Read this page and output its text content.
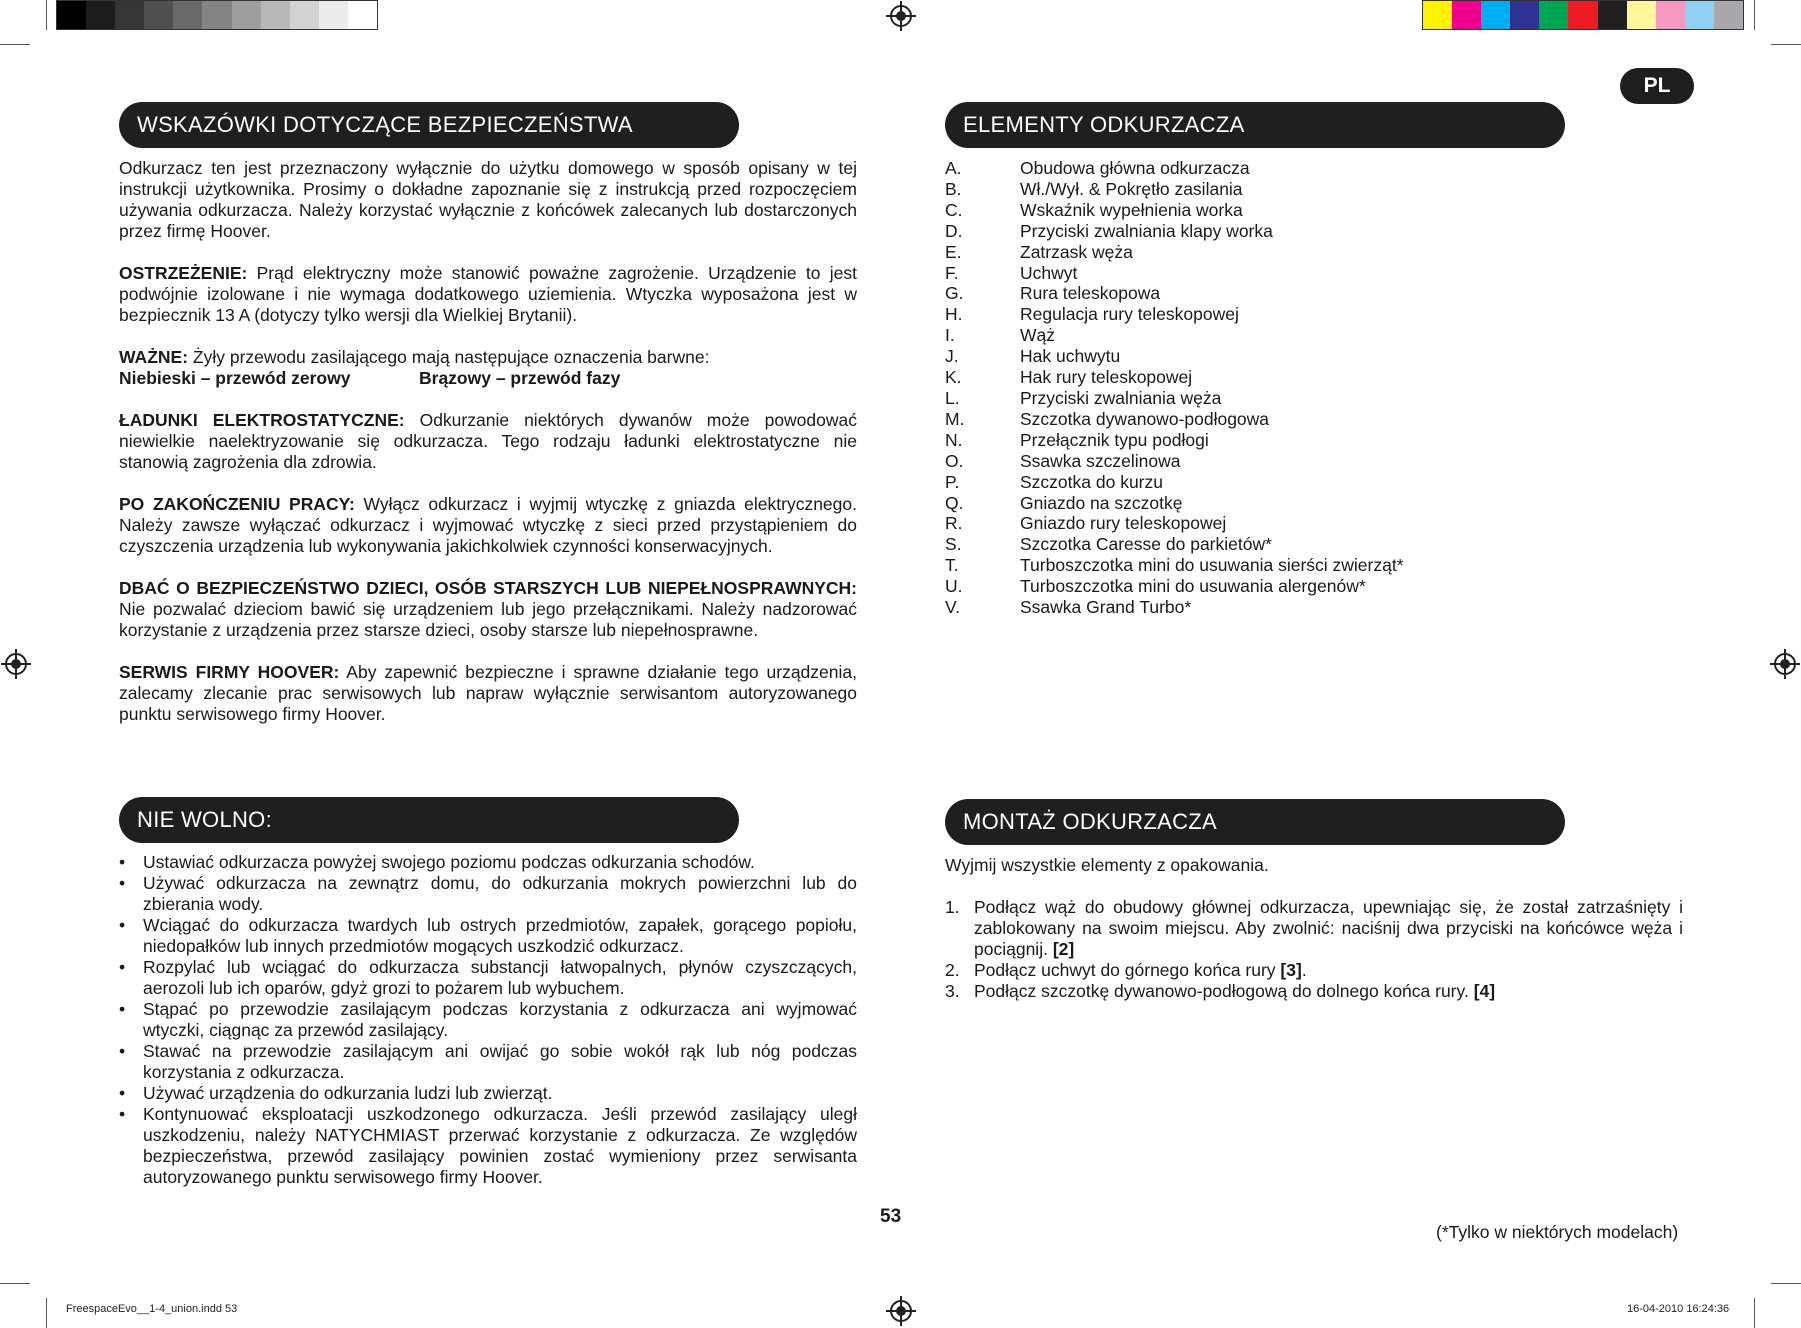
PL
WSKAZÓWKI DOTYCZĄCE BEZPIECZEŃSTWA

Odkurzacz ten jest przeznaczony wyłącznie do użytku domowego w sposób opisany w tej instrukcji użytkownika. Prosimy o dokładne zapoznanie się z instrukcją przed rozpoczęciem używania odkurzacza. Należy korzystać wyłącznie z końcówek zalecanych lub dostarczonych przez firmę Hoover.

OSTRZEŻENIE: Prąd elektryczny może stanowić poważne zagrożenie. Urządzenie to jest podwójnie izolowane i nie wymaga dodatkowego uziemienia. Wtyczka wyposażona jest w bezpiecznik 13 A (dotyczy tylko wersji dla Wielkiej Brytanii).

WAŻNE: Żyły przewodu zasilającego mają następujące oznaczenia barwne:

Niebieski – przewód zerowy	Brązowy – przewód fazy

ŁADUNKI ELEKTROSTATYCZNE: Odkurzanie niektórych dywanów może powodować niewielkie naelektryzowanie się odkurzacza. Tego rodzaju ładunki elektrostatyczne nie stanowią zagrożenia dla zdrowia.

PO ZAKOŃCZENIU PRACY: Wyłącz odkurzacz i wyjmij wtyczkę z gniazda elektrycznego. Należy zawsze wyłączać odkurzacz i wyjmować wtyczkę z sieci przed przystąpieniem do czyszczenia urządzenia lub wykonywania jakichkolwiek czynności konserwacyjnych.

DBAĆ O BEZPIECZEŃSTWO DZIECI, OSÓB STARSZYCH LUB NIEPEŁNOSPRAWNYCH: Nie pozwalać dzieciom bawić się urządzeniem lub jego przełącznikami. Należy nadzorować korzystanie z urządzenia przez starsze dzieci, osoby starsze lub niepełnosprawne.

SERWIS FIRMY HOOVER: Aby zapewnić bezpieczne i sprawne działanie tego urządzenia, zalecamy zlecanie prac serwisowych lub napraw wyłącznie serwisantom autoryzowanego punktu serwisowego firmy Hoover.

ELEMENTY ODKURZACZA
A.	Obudowa główna odkurzacza
B.	Wł./Wył. & Pokrętło zasilania
C.	Wskaźnik wypełnienia worka
D.	Przyciski zwalniania klapy worka
E.	Zatrzask węża
F.	Uchwyt
G.	Rura teleskopowa
H.	Regulacja rury teleskopowej
I.	Wąż
J.	Hak uchwytu
K.	Hak rury teleskopowej
L.	Przyciski zwalniania węża
M.	Szczotka dywanowo-podłogowa
N.	Przełącznik typu podłogi
O.	Ssawka szczelinowa
P.	Szczotka do kurzu
Q.	Gniazdo na szczotkę
R.	Gniazdo rury teleskopowej
S.	Szczotka Caresse do parkietów*
T.	Turboszczotka mini do usuwania sierści zwierząt*
U.	Turboszczotka mini do usuwania alergenów*
V.	Ssawka Grand Turbo*
NIE WOLNO:
• Ustawiać odkurzacza powyżej swojego poziomu podczas odkurzania schodów.
• Używać odkurzacza na zewnątrz domu, do odkurzania mokrych powierzchni lub do zbierania wody.
• Wciągać do odkurzacza twardych lub ostrych przedmiotów, zapałek, gorącego popiołu, niedopałków lub innych przedmiotów mogących uszkodzić odkurzacz.
• Rozpylać lub wciągać do odkurzacza substancji łatwopalnych, płynów czyszczących, aerozoli lub ich oparów, gdyż grozi to pożarem lub wybuchem.
• Stąpać po przewodzie zasilającym podczas korzystania z odkurzacza ani wyjmować wtyczki, ciągnąc za przewód zasilający.
• Stawać na przewodzie zasilającym ani owijać go sobie wokół rąk lub nóg podczas korzystania z odkurzacza.
• Używać urządzenia do odkurzania ludzi lub zwierząt.
• Kontynuować eksploatacji uszkodzonego odkurzacza. Jeśli przewód zasilający uległ uszkodzeniu, należy NATYCHMIAST przerwać korzystanie z odkurzacza. Ze względów bezpieczeństwa, przewód zasilający powinien zostać wymieniony przez serwisanta autoryzowanego punktu serwisowego firmy Hoover.
MONTAŻ ODKURZACZA

Wyjmij wszystkie elementy z opakowania.

1. Podłącz wąż do obudowy głównej odkurzacza, upewniając się, że został zatrzaśnięty i zablokowany na swoim miejscu. Aby zwolnić: naciśnij dwa przyciski na końcówce węża i pociągnij. [2]
2. Podłącz uchwyt do górnego końca rury [3].
3. Podłącz szczotkę dywanowo-podłogową do dolnego końca rury. [4]
53
(*Tylko w niektórych modelach)
FreespaceEvo__1-4_union.indd 53	16-04-2010 16:24:36
